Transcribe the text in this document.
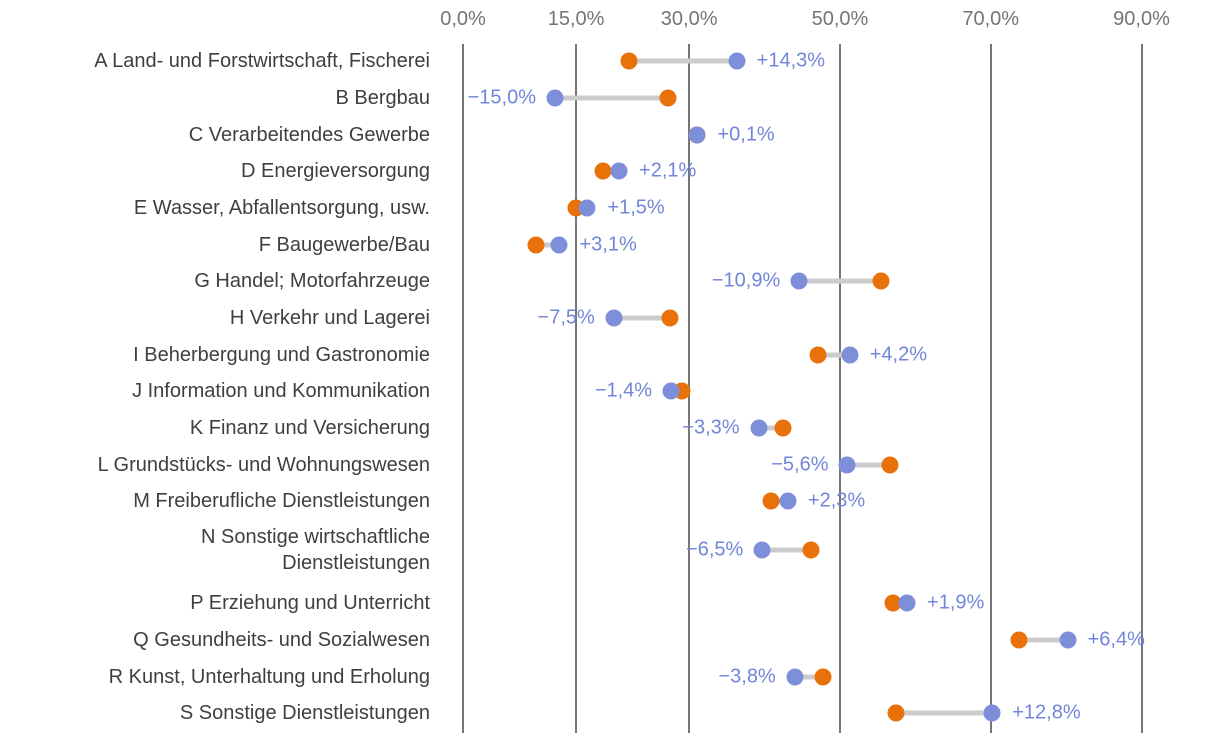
0,0%	15,0%	30,0%	50,0%	70,0%	90,0%
A Land- und Forstwirtschaft, Fischerei	+14,3%
B Bergbau −15,0%
C Verarbeitendes Gewerbe	+0,1%
D Energieversorgung	+2,1%
E Wasser, Abfallentsorgung, usw.	+1,5%
F Baugewerbe/Bau	+3,1%
G Handel; Motorfahrzeuge	−10,9%
H Verkehr und Lagerei	−7,5%
I Beherbergung und Gastronomie	+4,2%
J Information und Kommunikation	−1,4%
K Finanz und Versicherung	−3,3%
L Grundstücks- und Wohnungswesen	−5,6%
M Freiberufliche Dienstleistungen	+2,3%
N Sonstige wirtschaftliche Dienstleistungen
−6,5%
P Erziehung und Unterricht	+1,9%
Q Gesundheits- und Sozialwesen	+6,4%
R Kunst, Unterhaltung und Erholung	−3,8%
S Sonstige Dienstleistungen	+12,8%
